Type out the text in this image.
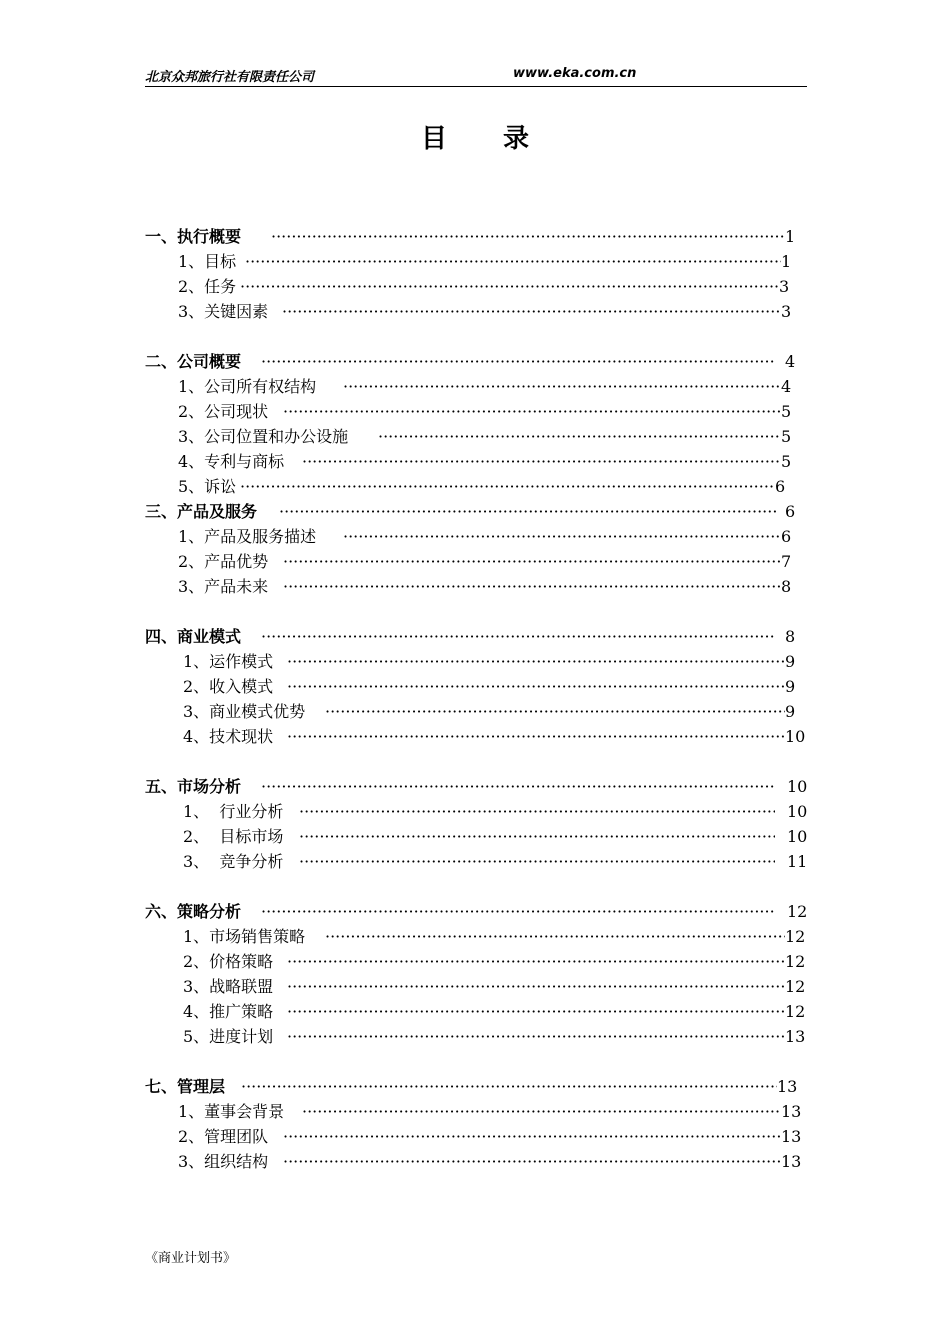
北京众邦旅行社有限责任公司	www.eka.com.cn
目 录
一、执行概要 ·····	1
1、目标 ·····	1
2、任务 ·····	3
3、关键因素 ·····	3
二、公司概要 ·····	4
1、公司所有权结构 ·····	4
2、公司现状 ·····	5
3、公司位置和办公设施 ·····	5
4、专利与商标 ·····	5
5、诉讼 ·····	6
三、产品及服务 ·····	6
1、产品及服务描述 ·····	6
2、产品优势 ·····	7
3、产品未来 ·····	8
四、商业模式 ·····	8
1、运作模式 ·····	9
2、收入模式 ·····	9
3、商业模式优势 ·····	9
4、技术现状 ·····	10
五、市场分析 ·····	10
1、  行业分析 ·····	10
2、  目标市场 ·····	10
3、  竞争分析 ·····	11
六、策略分析 ·····	12
1、市场销售策略 ·····	12
2、价格策略 ·····	12
3、战略联盟 ·····	12
4、推广策略 ·····	12
5、进度计划 ·····	13
七、管理层 ·····	13
1、董事会背景 ·····	13
2、管理团队 ·····	13
3、组织结构 ·····	13
《商业计划书》
